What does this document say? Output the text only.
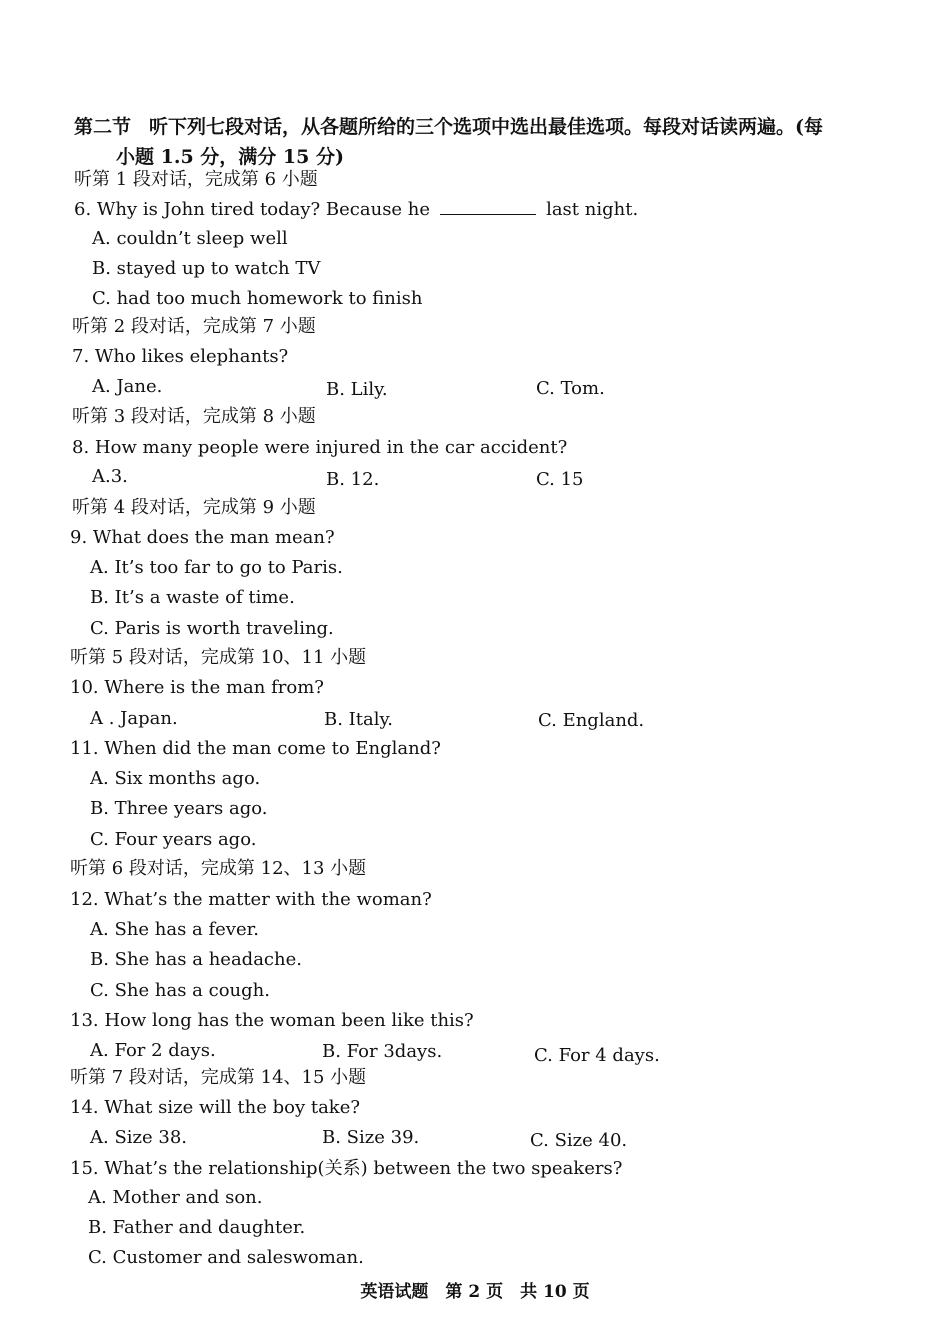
第二节 听下列七段对话，从各题所给的三个选项中选出最佳选项。每段对话读两遍。(每
小题 1.5 分，满分 15 分)
听第 1 段对话，完成第 6 小题
6. Why is John tired today? Because he	last night.
A. couldn’t sleep well
B. stayed up to watch TV
C. had too much homework to finish
听第 2 段对话，完成第 7 小题
7. Who likes elephants?
A. Jane.	B. Lily.	C. Tom.
听第 3 段对话，完成第 8 小题
8. How many people were injured in the car accident?
A.3.	B. 12.	C. 15
听第 4 段对话，完成第 9 小题
9. What does the man mean?
A. It’s too far to go to Paris.
B. It’s a waste of time.
C. Paris is worth traveling.
听第 5 段对话，完成第 10、11 小题
10. Where is the man from?
A . Japan.	B. Italy.	C. England.
11. When did the man come to England?
A. Six months ago.
B. Three years ago.
C. Four years ago.
听第 6 段对话，完成第 12、13 小题
12. What’s the matter with the woman?
A. She has a fever.
B. She has a headache.
C. She has a cough.
13. How long has the woman been like this?
A. For 2 days.	B. For 3days.	C. For 4 days.
听第 7 段对话，完成第 14、15 小题
14. What size will the boy take?
A. Size 38.	B. Size 39.	C. Size 40.
15. What’s the relationship(关系) between the two speakers?
A. Mother and son.
B. Father and daughter.
C. Customer and saleswoman.
英语试题　第 2 页　共 10 页
